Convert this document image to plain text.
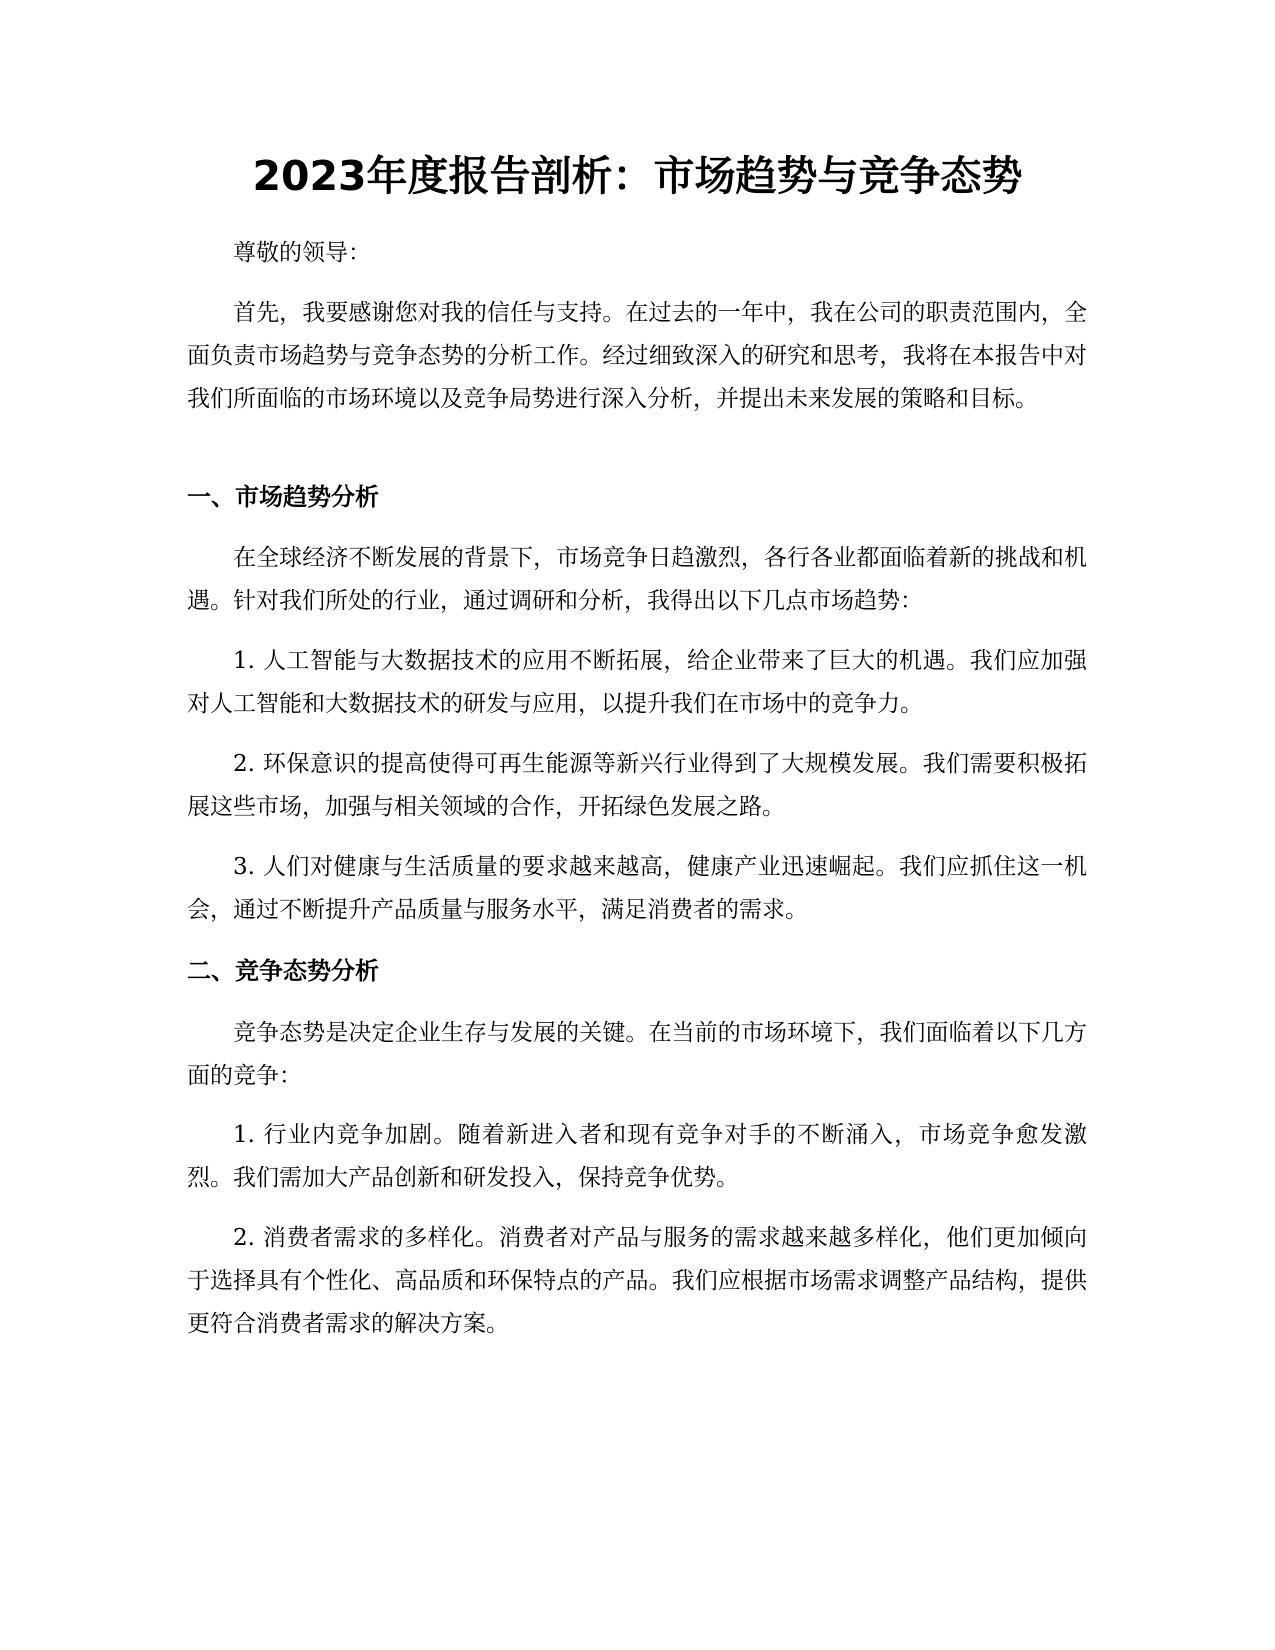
2023年度报告剖析：市场趋势与竞争态势

尊敬的领导：

首先，我要感谢您对我的信任与支持。在过去的一年中，我在公司的职责范围内，全面负责市场趋势与竞争态势的分析工作。经过细致深入的研究和思考，我将在本报告中对我们所面临的市场环境以及竞争局势进行深入分析，并提出未来发展的策略和目标。

一、市场趋势分析

在全球经济不断发展的背景下，市场竞争日趋激烈，各行各业都面临着新的挑战和机遇。针对我们所处的行业，通过调研和分析，我得出以下几点市场趋势：

1. 人工智能与大数据技术的应用不断拓展，给企业带来了巨大的机遇。我们应加强对人工智能和大数据技术的研发与应用，以提升我们在市场中的竞争力。

2. 环保意识的提高使得可再生能源等新兴行业得到了大规模发展。我们需要积极拓展这些市场，加强与相关领域的合作，开拓绿色发展之路。

3. 人们对健康与生活质量的要求越来越高，健康产业迅速崛起。我们应抓住这一机会，通过不断提升产品质量与服务水平，满足消费者的需求。

二、竞争态势分析

竞争态势是决定企业生存与发展的关键。在当前的市场环境下，我们面临着以下几方面的竞争：

1. 行业内竞争加剧。随着新进入者和现有竞争对手的不断涌入，市场竞争愈发激烈。我们需加大产品创新和研发投入，保持竞争优势。

2. 消费者需求的多样化。消费者对产品与服务的需求越来越多样化，他们更加倾向于选择具有个性化、高品质和环保特点的产品。我们应根据市场需求调整产品结构，提供更符合消费者需求的解决方案。
